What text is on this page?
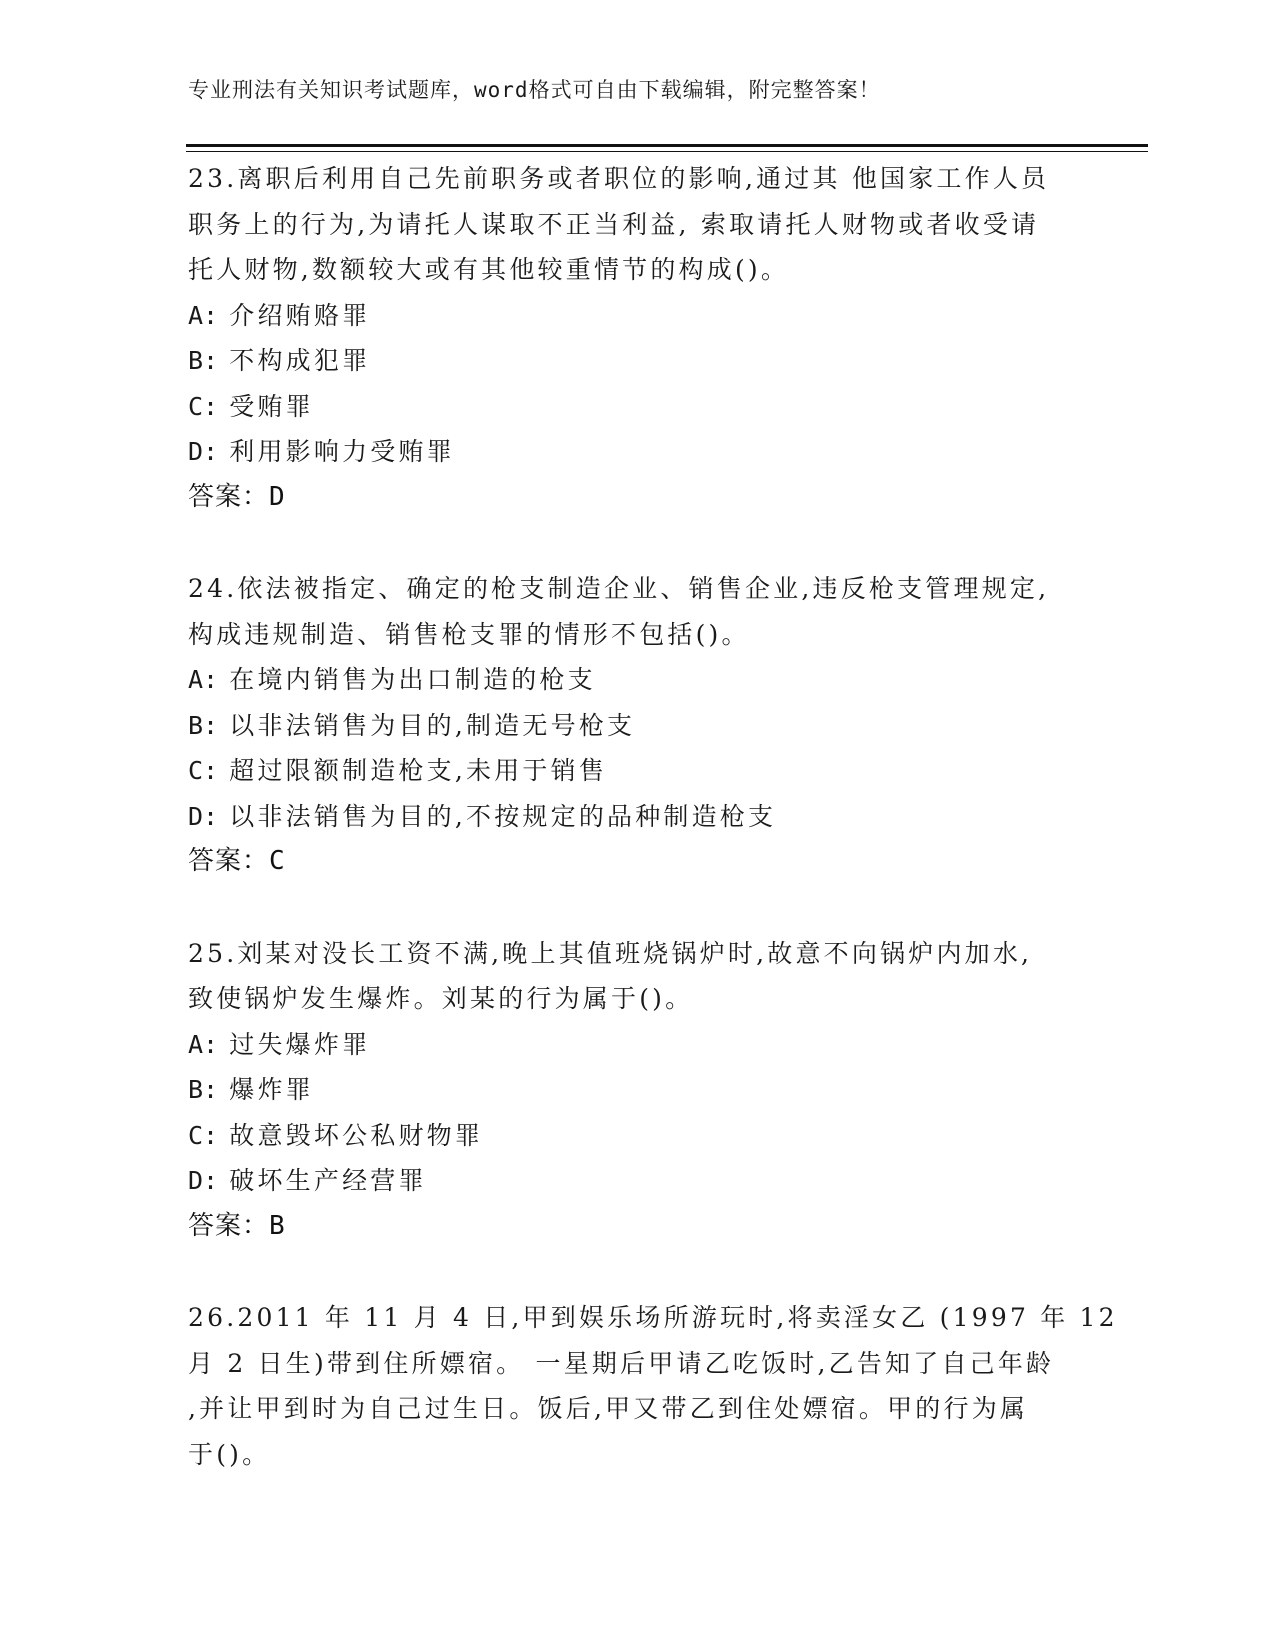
专业刑法有关知识考试题库，word格式可自由下载编辑，附完整答案！
23.离职后利用自己先前职务或者职位的影响,通过其 他国家工作人员
职务上的行为,为请托人谋取不正当利益, 索取请托人财物或者收受请
托人财物,数额较大或有其他较重情节的构成()。
A: 介绍贿赂罪
B: 不构成犯罪
C: 受贿罪
D: 利用影响力受贿罪
答案：D
24.依法被指定、确定的枪支制造企业、销售企业,违反枪支管理规定,
构成违规制造、销售枪支罪的情形不包括()。
A: 在境内销售为出口制造的枪支
B: 以非法销售为目的,制造无号枪支
C: 超过限额制造枪支,未用于销售
D: 以非法销售为目的,不按规定的品种制造枪支
答案：C
25.刘某对没长工资不满,晚上其值班烧锅炉时,故意不向锅炉内加水,
致使锅炉发生爆炸。刘某的行为属于()。
A: 过失爆炸罪
B: 爆炸罪
C: 故意毁坏公私财物罪
D: 破坏生产经营罪
答案：B
26.2011 年 11 月 4 日,甲到娱乐场所游玩时,将卖淫女乙 (1997 年 12
月 2 日生)带到住所嫖宿。 一星期后甲请乙吃饭时,乙告知了自己年龄
,并让甲到时为自己过生日。饭后,甲又带乙到住处嫖宿。甲的行为属
于()。
